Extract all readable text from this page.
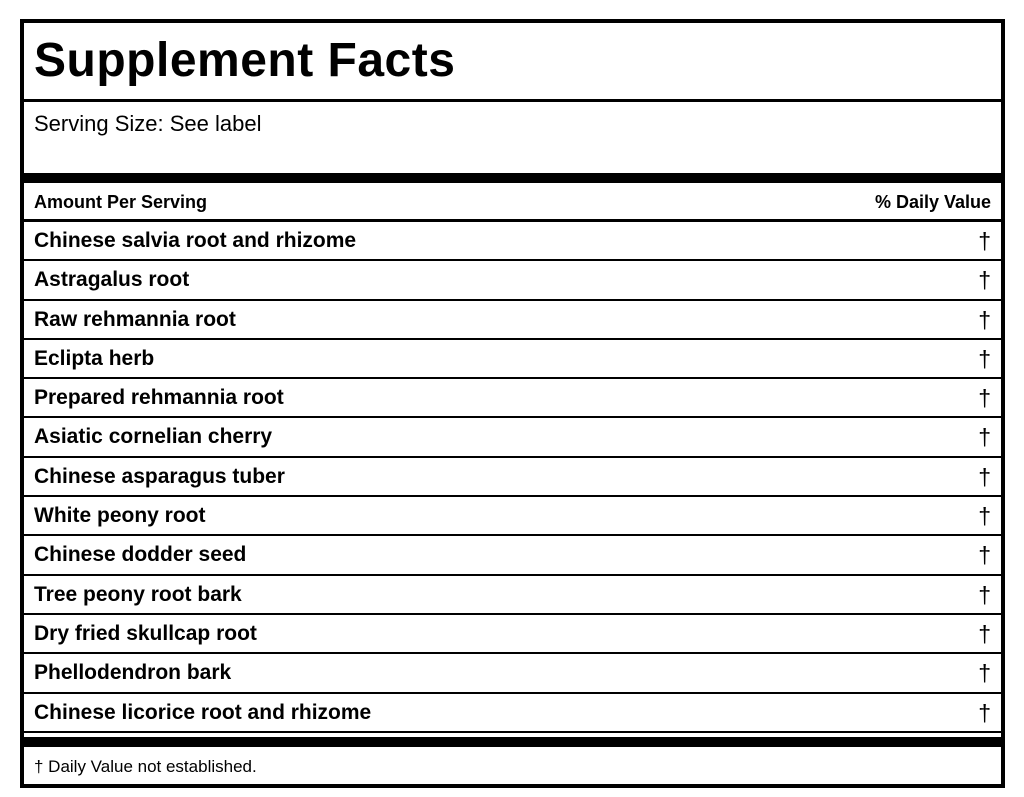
Supplement Facts
Serving Size: See label
Amount Per Serving	% Daily Value
Chinese salvia root and rhizome	†
Astragalus root	†
Raw rehmannia root	†
Eclipta herb	†
Prepared rehmannia root	†
Asiatic cornelian cherry	†
Chinese asparagus tuber	†
White peony root	†
Chinese dodder seed	†
Tree peony root bark	†
Dry fried skullcap root	†
Phellodendron bark	†
Chinese licorice root and rhizome	†
† Daily Value not established.
